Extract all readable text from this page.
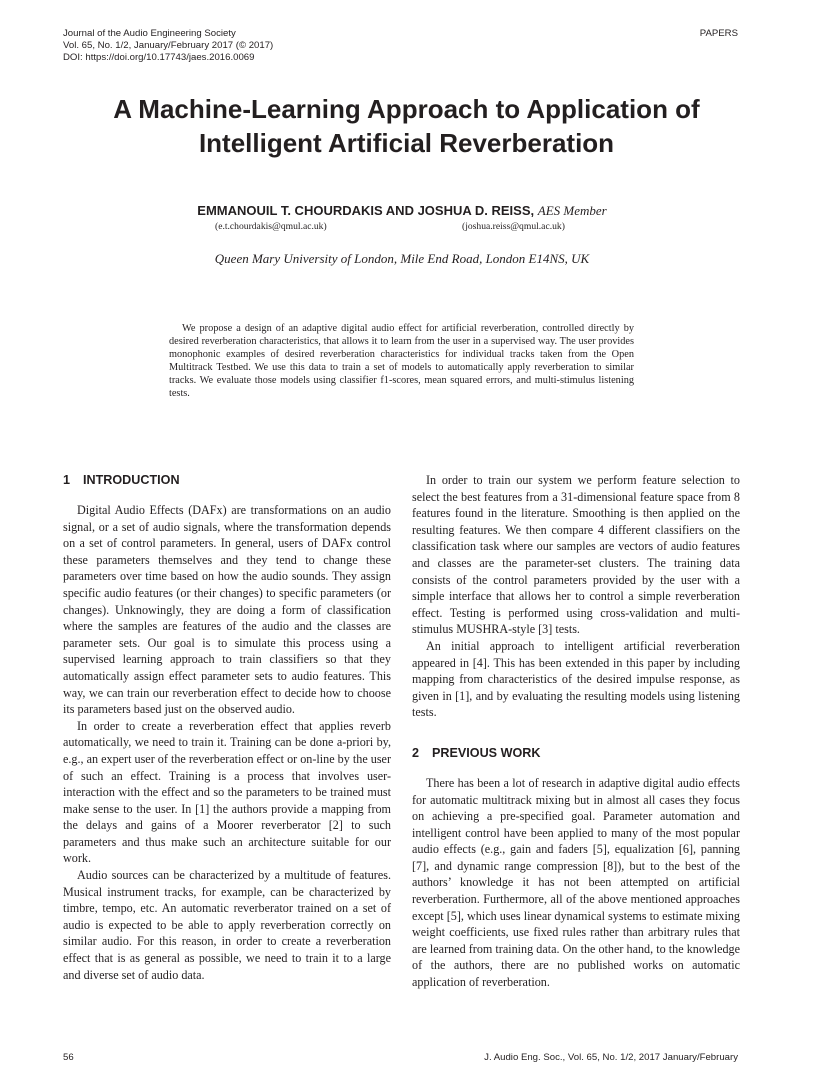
Journal of the Audio Engineering Society
Vol. 65, No. 1/2, January/February 2017 (© 2017)
DOI: https://doi.org/10.17743/jaes.2016.0069
PAPERS
A Machine-Learning Approach to Application of
Intelligent Artificial Reverberation
EMMANOUIL T. CHOURDAKIS AND JOSHUA D. REISS, AES Member
(e.t.chourdakis@qmul.ac.uk)	(joshua.reiss@qmul.ac.uk)
Queen Mary University of London, Mile End Road, London E14NS, UK

We propose a design of an adaptive digital audio effect for artificial reverberation, controlled directly by desired reverberation characteristics, that allows it to learn from the user in a supervised way. The user provides monophonic examples of desired reverberation characteristics for individual tracks taken from the Open Multitrack Testbed. We use this data to train a set of models to automatically apply reverberation to similar tracks. We evaluate those models using classifier f1-scores, mean squared errors, and multi-stimulus listening tests.

1 INTRODUCTION

Digital Audio Effects (DAFx) are transformations on an audio signal, or a set of audio signals, where the transformation depends on a set of control parameters. In general, users of DAFx control these parameters themselves and they tend to change these parameters over time based on how the audio sounds. They assign specific audio features (or their changes) to specific parameters (or changes). Unknowingly, they are doing a form of classification where the samples are features of the audio and the classes are parameter sets. Our goal is to simulate this process using a supervised learning approach to train classifiers so that they automatically assign effect parameter sets to audio features. This way, we can train our reverberation effect to decide how to choose its parameters based just on the observed audio.

In order to create a reverberation effect that applies reverb automatically, we need to train it. Training can be done a-priori by, e.g., an expert user of the reverberation effect or on-line by the user of such an effect. Training is a process that involves user-interaction with the effect and so the parameters to be trained must make sense to the user. In [1] the authors provide a mapping from the delays and gains of a Moorer reverberator [2] to such parameters and thus make such an architecture suitable for our work.

Audio sources can be characterized by a multitude of features. Musical instrument tracks, for example, can be characterized by timbre, tempo, etc. An automatic reverberator trained on a set of audio is expected to be able to apply reverberation correctly on similar audio. For this reason, in order to create a reverberation effect that is as general as possible, we need to train it to a large and diverse set of audio data.

In order to train our system we perform feature selection to select the best features from a 31-dimensional feature space from 8 features found in the literature. Smoothing is then applied on the resulting features. We then compare 4 different classifiers on the classification task where our samples are vectors of audio features and classes are the parameter-set clusters. The training data consists of the control parameters provided by the user with a simple interface that allows her to control a simple reverberation effect. Testing is performed using cross-validation and multi-stimulus MUSHRA-style [3] tests.

An initial approach to intelligent artificial reverberation appeared in [4]. This has been extended in this paper by including mapping from characteristics of the desired impulse response, as given in [1], and by evaluating the resulting models using listening tests.

2 PREVIOUS WORK

There has been a lot of research in adaptive digital audio effects for automatic multitrack mixing but in almost all cases they focus on achieving a pre-specified goal. Parameter automation and intelligent control have been applied to many of the most popular audio effects (e.g., gain and faders [5], equalization [6], panning [7], and dynamic range compression [8]), but to the best of the authors’ knowledge it has not been attempted on artificial reverberation. Furthermore, all of the above mentioned approaches except [5], which uses linear dynamical systems to estimate mixing weight coefficients, use fixed rules rather than arbitrary rules that are learned from training data. On the other hand, to the knowledge of the authors, there are no published works on automatic application of reverberation.

56	J. Audio Eng. Soc., Vol. 65, No. 1/2, 2017 January/February
